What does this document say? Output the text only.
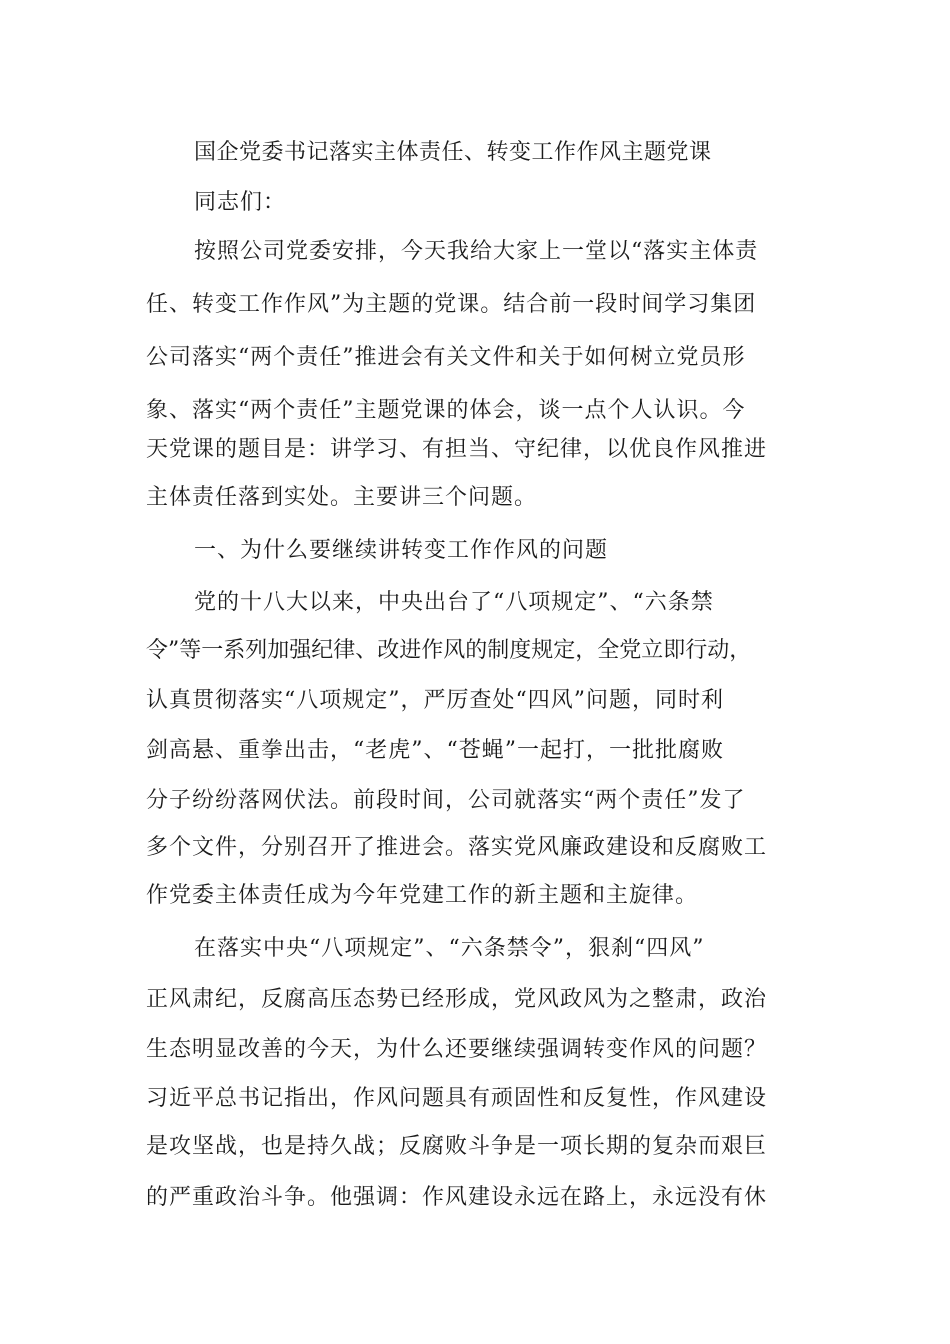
国企党委书记落实主体责任、转变工作作风主题党课
同志们：
按照公司党委安排，今天我给大家上一堂以“落实主体责
任、转变工作作风”为主题的党课。结合前一段时间学习集团
公司落实“两个责任”推进会有关文件和关于如何树立党员形
象、落实“两个责任”主题党课的体会，谈一点个人认识。今
天党课的题目是：讲学习、有担当、守纪律，以优良作风推进
主体责任落到实处。主要讲三个问题。
一、为什么要继续讲转变工作作风的问题
党的十八大以来，中央出台了“八项规定”、“六条禁
令”等一系列加强纪律、改进作风的制度规定，全党立即行动，
认真贯彻落实“八项规定”，严厉查处“四风”问题，同时利
剑高悬、重拳出击，“老虎”、“苍蝇”一起打，一批批腐败
分子纷纷落网伏法。前段时间，公司就落实“两个责任”发了
多个文件，分别召开了推进会。落实党风廉政建设和反腐败工
作党委主体责任成为今年党建工作的新主题和主旋律。
在落实中央“八项规定”、“六条禁令”，狠刹“四风”
正风肃纪，反腐高压态势已经形成，党风政风为之整肃，政治
生态明显改善的今天，为什么还要继续强调转变作风的问题？
习近平总书记指出，作风问题具有顽固性和反复性，作风建设
是攻坚战，也是持久战；反腐败斗争是一项长期的复杂而艰巨
的严重政治斗争。他强调：作风建设永远在路上，永远没有休
